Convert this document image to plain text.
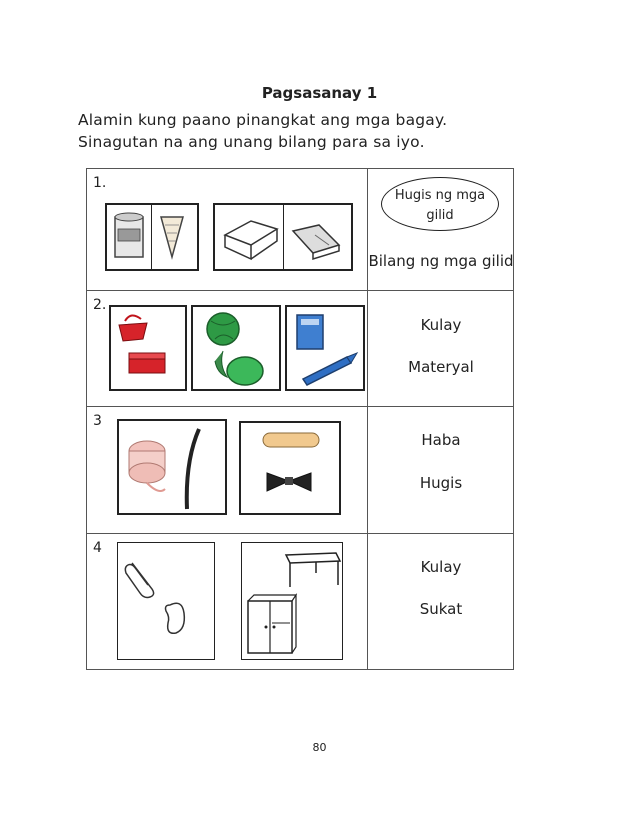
Pagsasanay 1
Alamin kung paano pinangkat ang mga bagay.
Sinagutan na ang unang bilang para sa iyo.
1.	Hugis ng mga gilid
Bilang ng mga gilid

2.	Kulay
Materyal

3	Haba
Hugis

4	Kulay
Sukat
80
